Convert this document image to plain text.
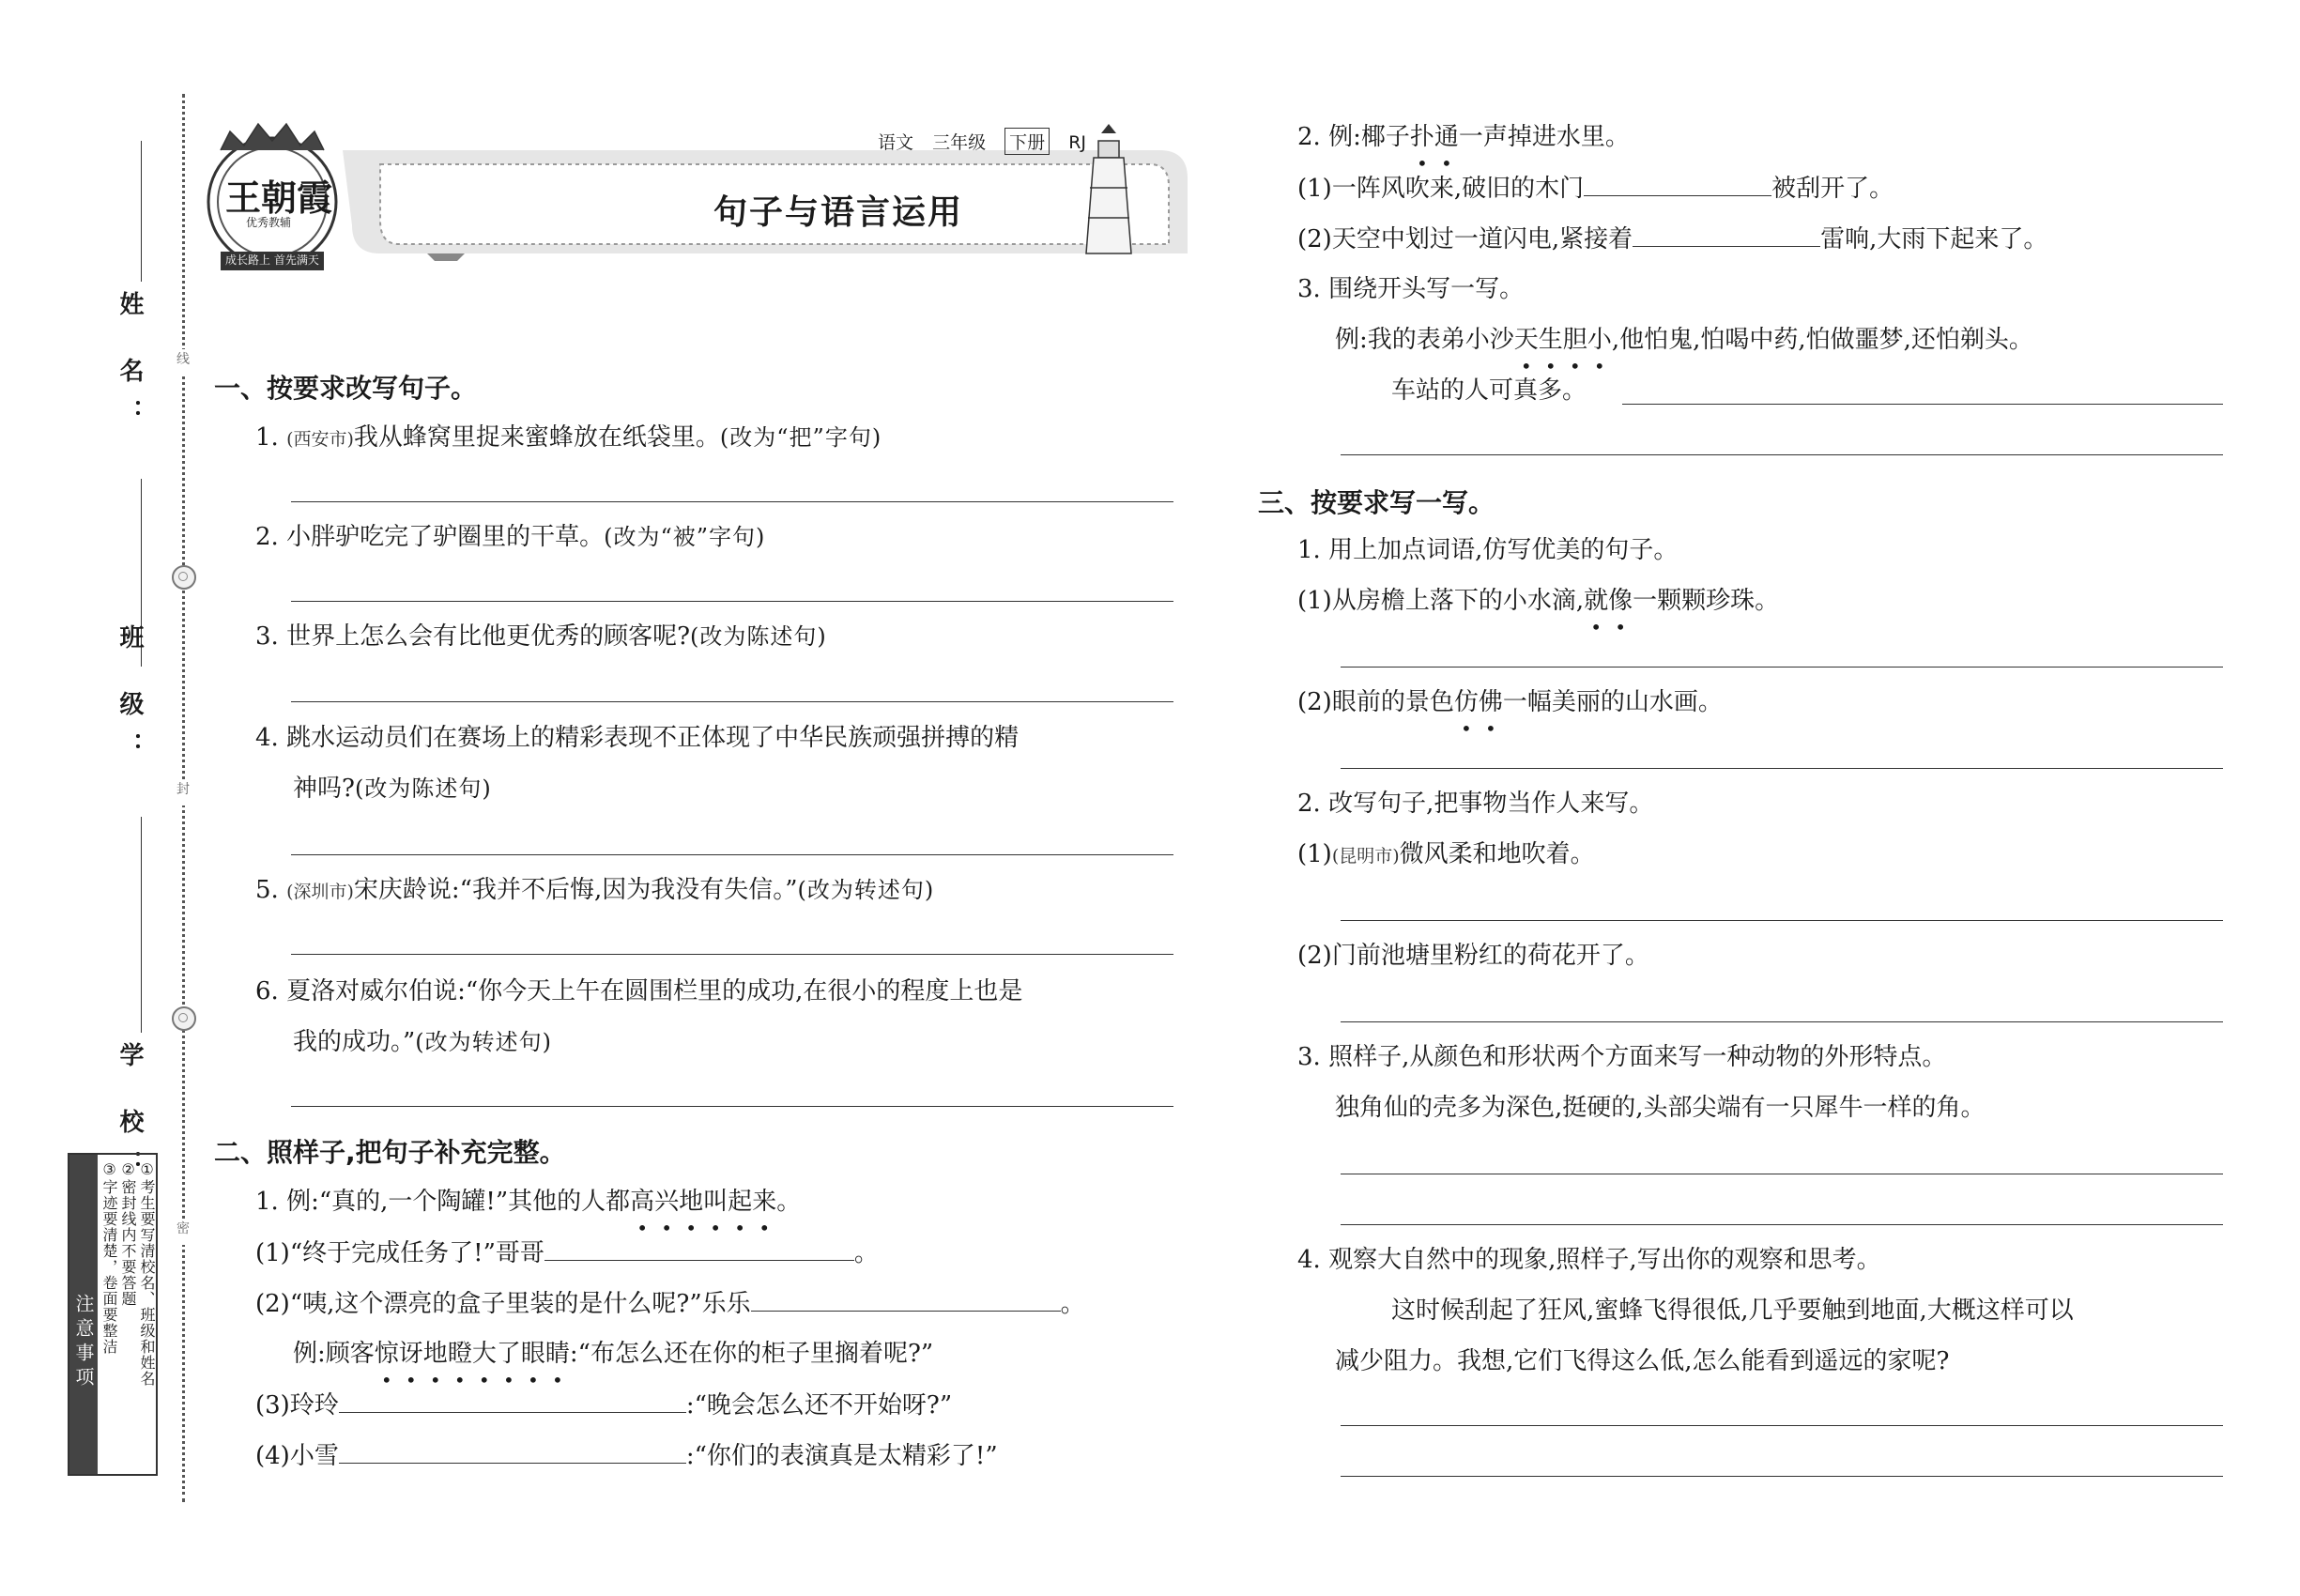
线
封
密
姓 名：
班 级：
学 校：
注意事项	①考生要写清校名、班级和姓名
②密封线内不要答题
③字迹要清楚，卷面要整洁
王朝霞
优秀教辅
成长路上 首先满天
语文 三年级 下册 RJ
句子与语言运用
一、按要求改写句子。
1. (西安市)我从蜂窝里捉来蜜蜂放在纸袋里。(改为“把”字句)
2. 小胖驴吃完了驴圈里的干草。(改为“被”字句)
3. 世界上怎么会有比他更优秀的顾客呢?(改为陈述句)
4. 跳水运动员们在赛场上的精彩表现不正体现了中华民族顽强拼搏的精
神吗?(改为陈述句)
5. (深圳市)宋庆龄说:“我并不后悔,因为我没有失信。”(改为转述句)
6. 夏洛对威尔伯说:“你今天上午在圆围栏里的成功,在很小的程度上也是
我的成功。”(改为转述句)
二、照样子,把句子补充完整。
1. 例:“真的,一个陶罐!”其他的人都高兴地叫起来。
(1)“终于完成任务了!”哥哥	。
(2)“咦,这个漂亮的盒子里装的是什么呢?”乐乐	。
例:顾客惊讶地瞪大了眼睛:“布怎么还在你的柜子里搁着呢?”
(3)玲玲	:“晚会怎么还不开始呀?”
(4)小雪	:“你们的表演真是太精彩了!”
2. 例:椰子扑通一声掉进水里。
(1)一阵风吹来,破旧的木门	被刮开了。
(2)天空中划过一道闪电,紧接着	雷响,大雨下起来了。
3. 围绕开头写一写。
例:我的表弟小沙天生胆小,他怕鬼,怕喝中药,怕做噩梦,还怕剃头。
车站的人可真多。
三、按要求写一写。
1. 用上加点词语,仿写优美的句子。
(1)从房檐上落下的小水滴,就像一颗颗珍珠。
(2)眼前的景色仿佛一幅美丽的山水画。
2. 改写句子,把事物当作人来写。
(1)(昆明市)微风柔和地吹着。
(2)门前池塘里粉红的荷花开了。
3. 照样子,从颜色和形状两个方面来写一种动物的外形特点。
独角仙的壳多为深色,挺硬的,头部尖端有一只犀牛一样的角。
4. 观察大自然中的现象,照样子,写出你的观察和思考。
这时候刮起了狂风,蜜蜂飞得很低,几乎要触到地面,大概这样可以
减少阻力。我想,它们飞得这么低,怎么能看到遥远的家呢?
